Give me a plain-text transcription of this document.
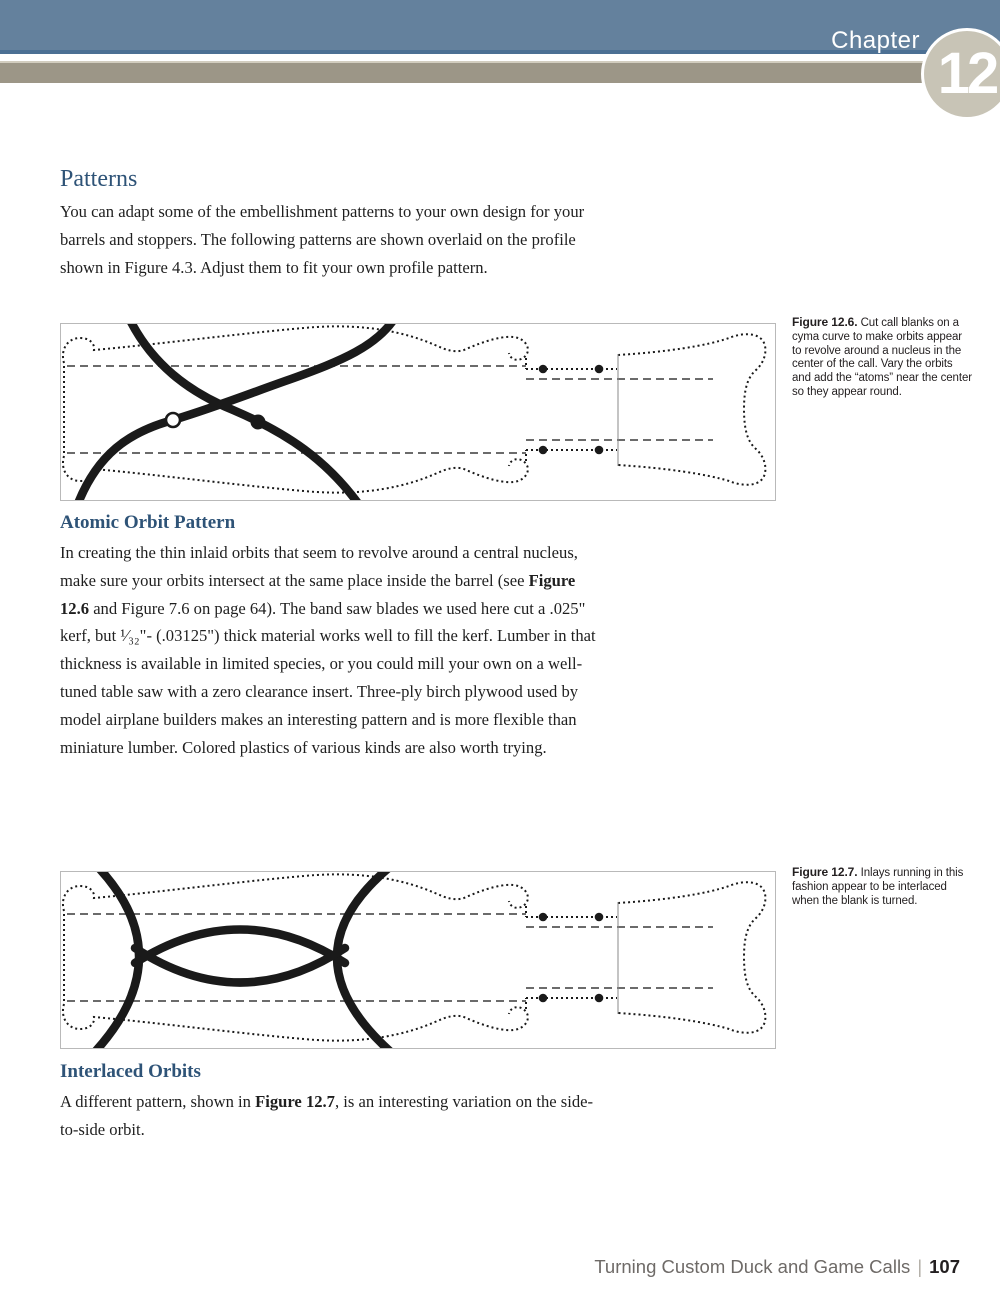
Chapter
12
Patterns
You can adapt some of the embellishment patterns to your own design for your barrels and stoppers. The following patterns are shown overlaid on the profile shown in Figure 4.3. Adjust them to fit your own profile pattern.
Figure 12.6. Cut call blanks on a cyma curve to make orbits appear to revolve around a nucleus in the center of the call. Vary the orbits and add the “atoms” near the center so they appear round.
Atomic Orbit Pattern
In creating the thin inlaid orbits that seem to revolve around a central nucleus, make sure your orbits intersect at the same place inside the barrel (see Figure 12.6 and Figure 7.6 on page 64). The band saw blades we used here cut a .025" kerf, but ¹⁄₃₂"- (.03125") thick material works well to fill the kerf. Lumber in that thickness is available in limited species, or you could mill your own on a well-tuned table saw with a zero clearance insert. Three-ply birch plywood used by model airplane builders makes an interesting pattern and is more flexible than miniature lumber. Colored plastics of various kinds are also worth trying.
Figure 12.7. Inlays running in this fashion appear to be interlaced when the blank is turned.
Interlaced Orbits
A different pattern, shown in Figure 12.7, is an interesting variation on the side-to-side orbit.
Turning Custom Duck and Game Calls | 107
